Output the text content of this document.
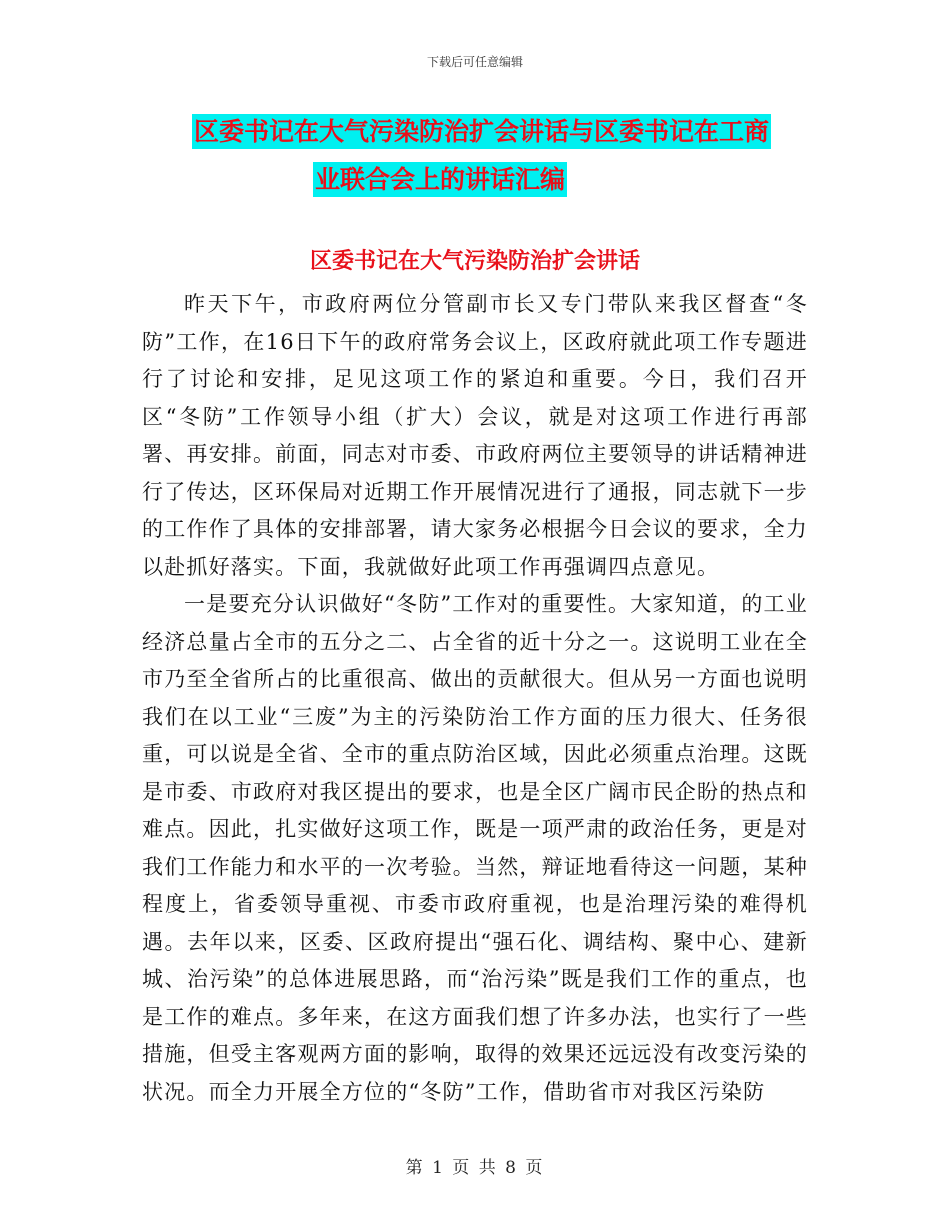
下载后可任意编辑
区委书记在大气污染防治扩会讲话与区委书记在工商
业联合会上的讲话汇编
区委书记在大气污染防治扩会讲话

昨天下午，市政府两位分管副市长又专门带队来我区督查“冬防”工作，在16日下午的政府常务会议上，区政府就此项工作专题进行了讨论和安排，足见这项工作的紧迫和重要。今日，我们召开区“冬防”工作领导小组（扩大）会议，就是对这项工作进行再部署、再安排。前面，同志对市委、市政府两位主要领导的讲话精神进行了传达，区环保局对近期工作开展情况进行了通报，同志就下一步的工作作了具体的安排部署，请大家务必根据今日会议的要求，全力以赴抓好落实。下面，我就做好此项工作再强调四点意见。

一是要充分认识做好“冬防”工作对的重要性。大家知道，的工业经济总量占全市的五分之二、占全省的近十分之一。这说明工业在全市乃至全省所占的比重很高、做出的贡献很大。但从另一方面也说明我们在以工业“三废”为主的污染防治工作方面的压力很大、任务很重，可以说是全省、全市的重点防治区域，因此必须重点治理。这既是市委、市政府对我区提出的要求，也是全区广阔市民企盼的热点和难点。因此，扎实做好这项工作，既是一项严肃的政治任务，更是对我们工作能力和水平的一次考验。当然，辩证地看待这一问题，某种程度上，省委领导重视、市委市政府重视，也是治理污染的难得机遇。去年以来，区委、区政府提出“强石化、调结构、聚中心、建新城、治污染”的总体进展思路，而“治污染”既是我们工作的重点，也是工作的难点。多年来，在这方面我们想了许多办法，也实行了一些措施，但受主客观两方面的影响，取得的效果还远远没有改变污染的状况。而全力开展全方位的“冬防”工作，借助省市对我区污染防

第 1 页 共 8 页
